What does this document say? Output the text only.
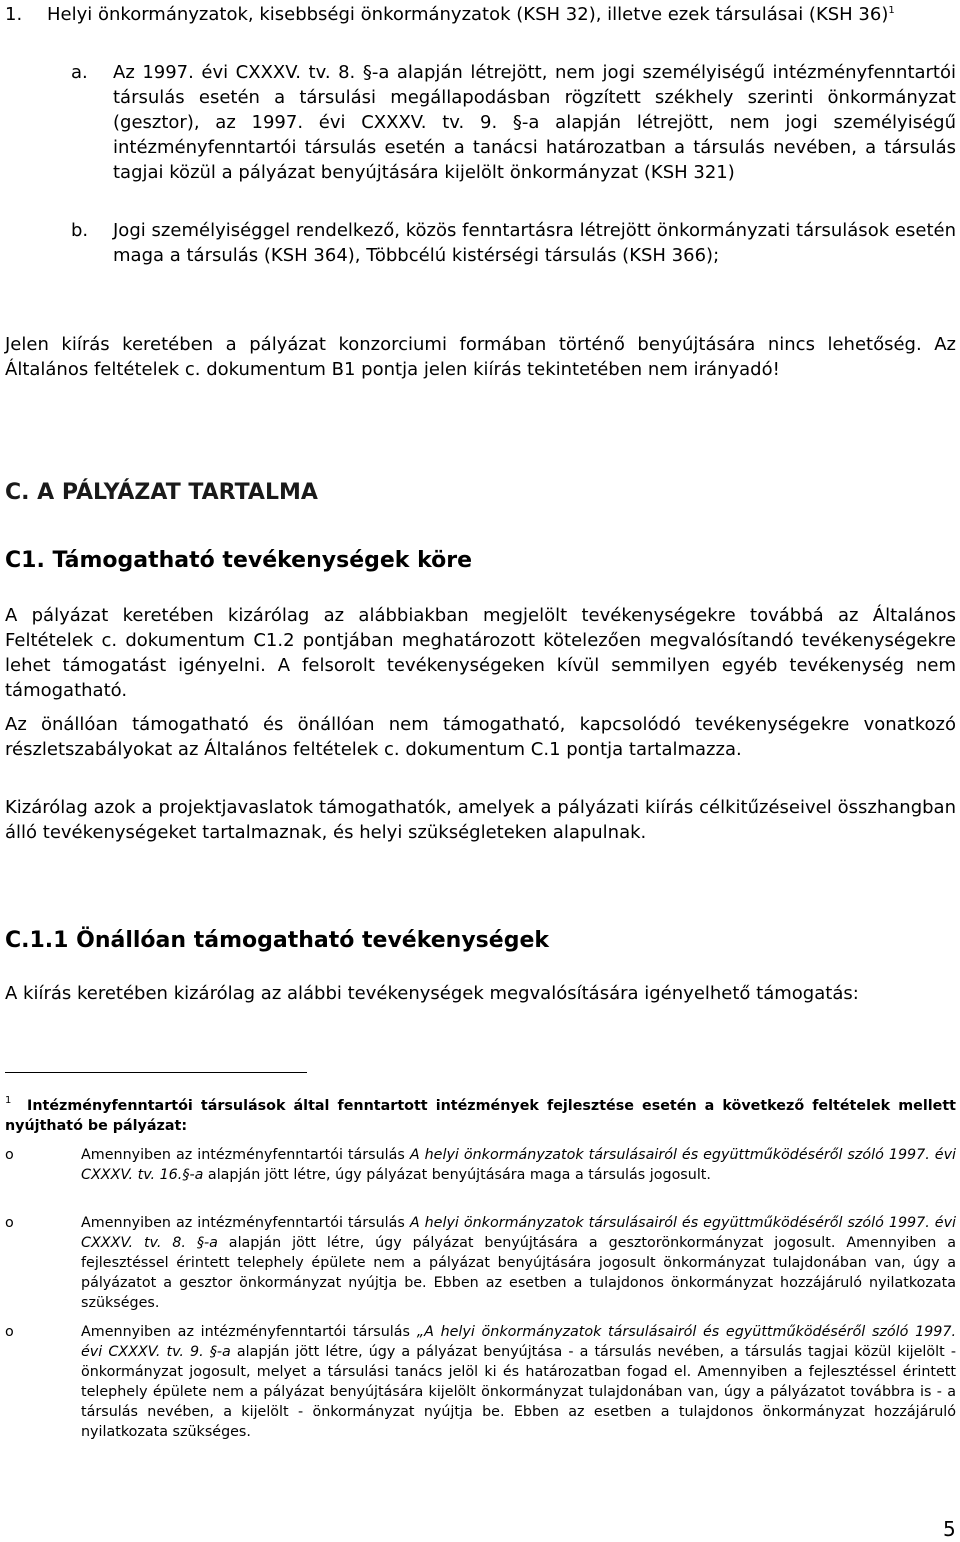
1. Helyi önkormányzatok, kisebbségi önkormányzatok (KSH 32), illetve ezek társulásai (KSH 36)$^1$
a. Az 1997. évi CXXXV. tv. 8. §-a alapján létrejött, nem jogi személyiségű intézményfenntartói társulás esetén a társulási megállapodásban rögzített székhely szerinti önkormányzat (gesztor), az 1997. évi CXXXV. tv. 9. §-a alapján létrejött, nem jogi személyiségű intézményfenntartói társulás esetén a tanácsi határozatban a társulás nevében, a társulás tagjai közül a pályázat benyújtására kijelölt önkormányzat (KSH 321)
b. Jogi személyiséggel rendelkező, közös fenntartásra létrejött önkormányzati társulások esetén maga a társulás (KSH 364), Többcélú kistérségi társulás (KSH 366);
Jelen kiírás keretében a pályázat konzorciumi formában történő benyújtására nincs lehetőség. Az Általános feltételek c. dokumentum B1 pontja jelen kiírás tekintetében nem irányadó!
C. A PÁLYÁZAT TARTALMA
C1. Támogatható tevékenységek köre
A pályázat keretében kizárólag az alábbiakban megjelölt tevékenységekre továbbá az Általános Feltételek c. dokumentum C1.2 pontjában meghatározott kötelezően megvalósítandó tevékenységekre lehet támogatást igényelni. A felsorolt tevékenységeken kívül semmilyen egyéb tevékenység nem támogatható.
Az önállóan támogatható és önállóan nem támogatható, kapcsolódó tevékenységekre vonatkozó részletszabályokat az Általános feltételek c. dokumentum C.1 pontja tartalmazza.
Kizárólag azok a projektjavaslatok támogathatók, amelyek a pályázati kiírás célkitűzéseivel összhangban álló tevékenységeket tartalmaznak, és helyi szükségleteken alapulnak.
C.1.1 Önállóan támogatható tevékenységek
A kiírás keretében kizárólag az alábbi tevékenységek megvalósítására igényelhető támogatás:
1	Intézményfenntartói társulások által fenntartott intézmények fejlesztése esetén a következő feltételek mellett nyújtható be pályázat:
o	Amennyiben az intézményfenntartói társulás A helyi önkormányzatok társulásairól és együttműködéséről szóló 1997. évi CXXXV. tv. 16.§-a alapján jött létre, úgy pályázat benyújtására maga a társulás jogosult.
o	Amennyiben az intézményfenntartói társulás A helyi önkormányzatok társulásairól és együttműködéséről szóló 1997. évi CXXXV. tv. 8. §-a alapján jött létre, úgy pályázat benyújtására a gesztorönkormányzat jogosult. Amennyiben a fejlesztéssel érintett telephely épülete nem a pályázat benyújtására jogosult önkormányzat tulajdonában van, úgy a pályázatot a gesztor önkormányzat nyújtja be. Ebben az esetben a tulajdonos önkormányzat hozzájáruló nyilatkozata szükséges.
o	Amennyiben az intézményfenntartói társulás „A helyi önkormányzatok társulásairól és együttműködéséről szóló 1997. évi CXXXV. tv. 9. §-a alapján jött létre, úgy a pályázat benyújtása - a társulás nevében, a társulás tagjai közül kijelölt - önkormányzat jogosult, melyet a társulási tanács jelöl ki és határozatban fogad el. Amennyiben a fejlesztéssel érintett telephely épülete nem a pályázat benyújtására kijelölt önkormányzat tulajdonában van, úgy a pályázatot továbbra is - a társulás nevében, a kijelölt - önkormányzat nyújtja be. Ebben az esetben a tulajdonos önkormányzat hozzájáruló nyilatkozata szükséges.
5
